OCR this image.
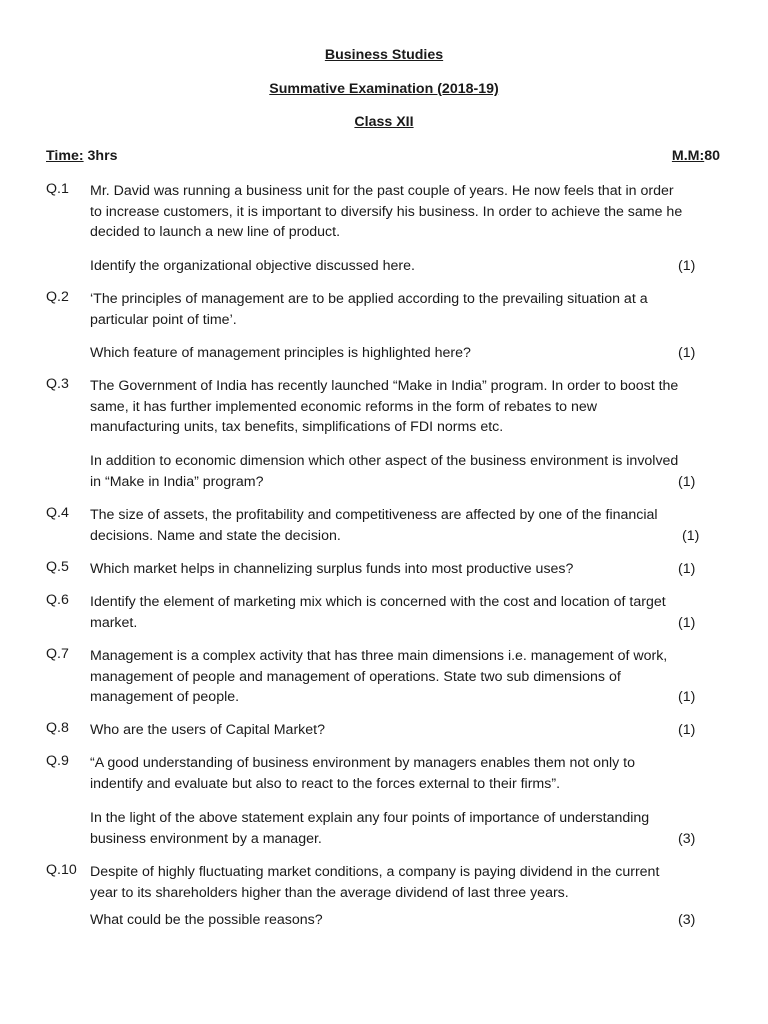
Business Studies
Summative Examination (2018-19)
Class XII
Time: 3hrs	M.M:80
Q.1 Mr. David was running a business unit for the past couple of years. He now feels that in order
to increase customers, it is important to diversify his business. In order to achieve the same he
decided to launch a new line of product.
Identify the organizational objective discussed here.	(1)
Q.2 ‘The principles of management are to be applied according to the prevailing situation at a
particular point of time’.
Which feature of management principles is highlighted here?	(1)
Q.3 The Government of India has recently launched “Make in India” program. In order to boost the
same, it has further implemented economic reforms in the form of rebates to new
manufacturing units, tax benefits, simplifications of FDI norms etc.
In addition to economic dimension which other aspect of the business environment is involved
in “Make in India” program?	(1)
Q.4 The size of assets, the profitability and competitiveness are affected by one of the financial
decisions. Name and state the decision.	(1)
Q.5 Which market helps in channelizing surplus funds into most productive uses?	(1)
Q.6 Identify the element of marketing mix which is concerned with the cost and location of target
market.	(1)
Q.7 Management is a complex activity that has three main dimensions i.e. management of work,
management of people and management of operations. State two sub dimensions of
management of people.	(1)
Q.8 Who are the users of Capital Market?	(1)
Q.9 “A good understanding of business environment by managers enables them not only to
indentify and evaluate but also to react to the forces external to their firms”.
In the light of the above statement explain any four points of importance of understanding
business environment by a manager.	(3)
Q.10 Despite of highly fluctuating market conditions, a company is paying dividend in the current
year to its shareholders higher than the average dividend of last three years.
What could be the possible reasons?	(3)
